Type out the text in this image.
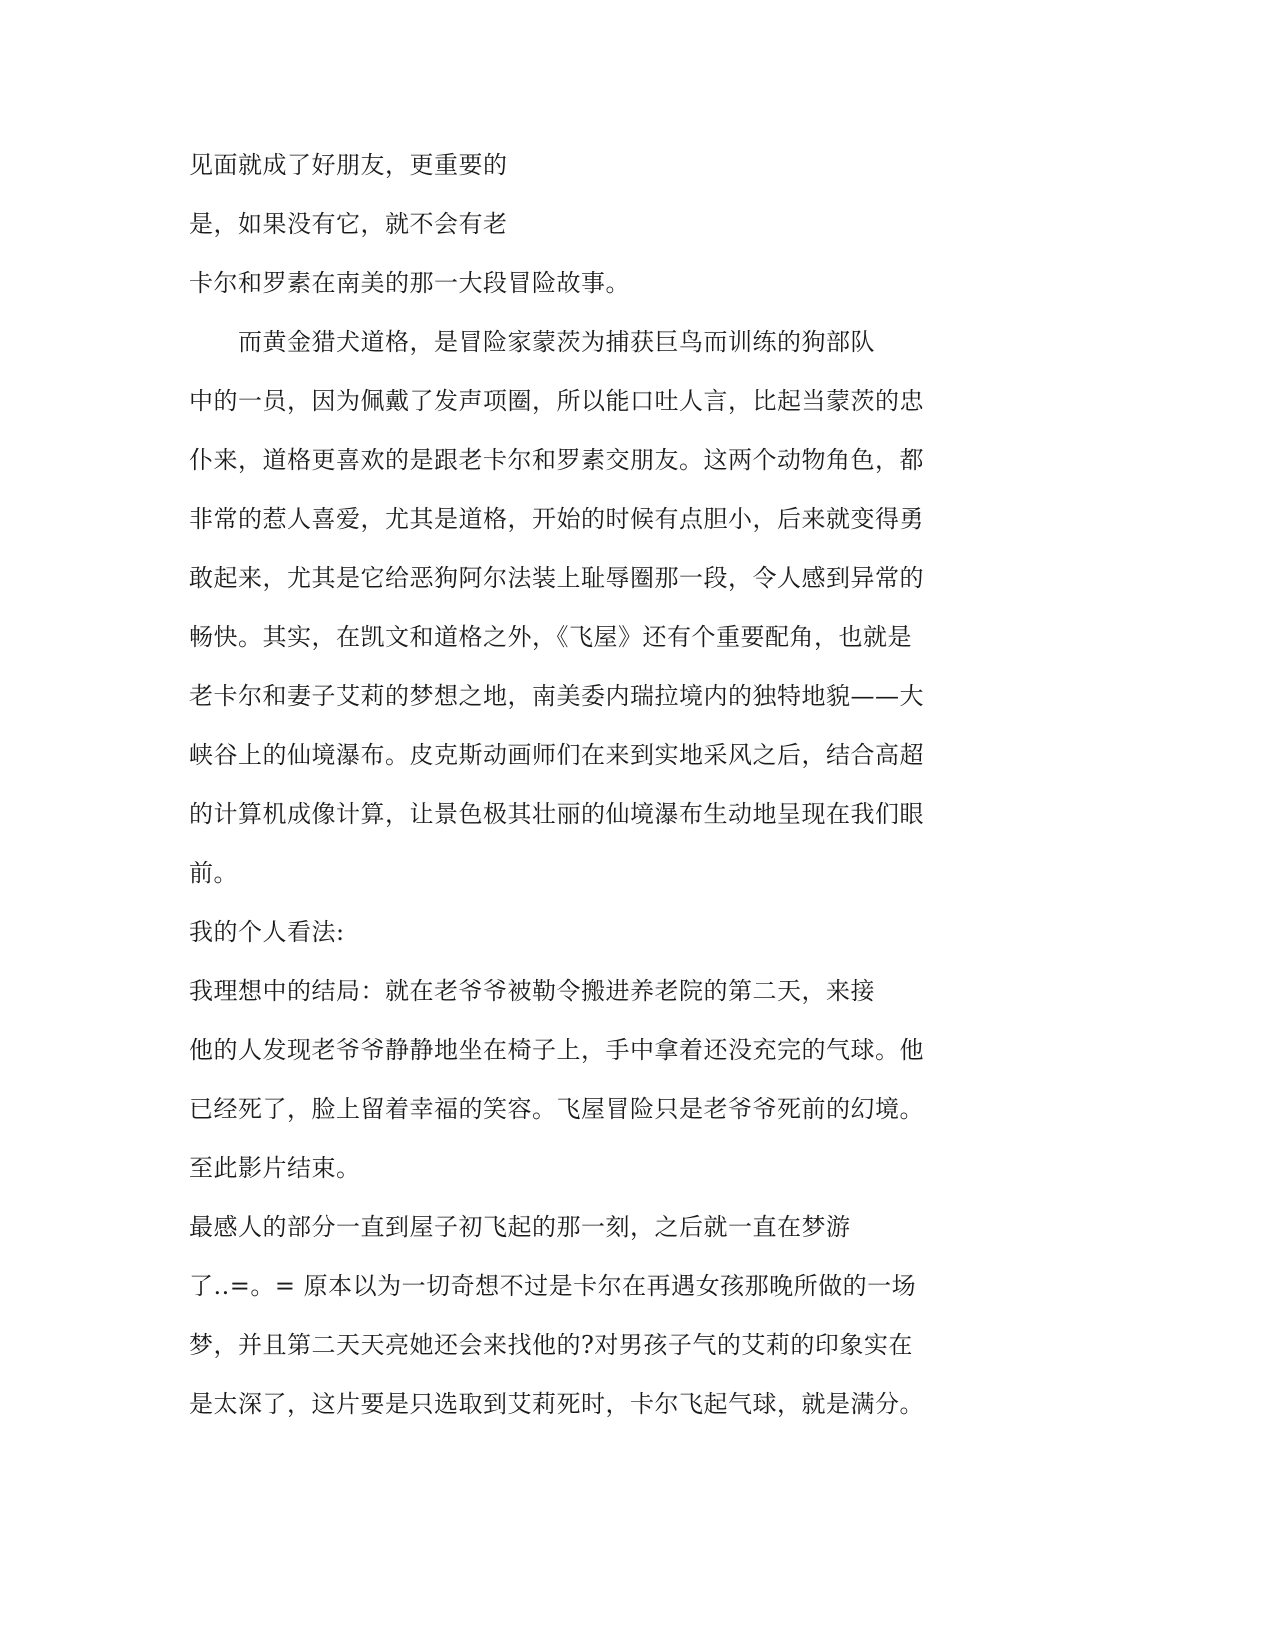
见面就成了好朋友，更重要的
是，如果没有它，就不会有老
卡尔和罗素在南美的那一大段冒险故事。
而黄金猎犬道格，是冒险家蒙茨为捕获巨鸟而训练的狗部队
中的一员，因为佩戴了发声项圈，所以能口吐人言，比起当蒙茨的忠
仆来，道格更喜欢的是跟老卡尔和罗素交朋友。这两个动物角色，都
非常的惹人喜爱，尤其是道格，开始的时候有点胆小，后来就变得勇
敢起来，尤其是它给恶狗阿尔法装上耻辱圈那一段，令人感到异常的
畅快。其实，在凯文和道格之外，《飞屋》还有个重要配角，也就是
老卡尔和妻子艾莉的梦想之地，南美委内瑞拉境内的独特地貌——大
峡谷上的仙境瀑布。皮克斯动画师们在来到实地采风之后，结合高超
的计算机成像计算，让景色极其壮丽的仙境瀑布生动地呈现在我们眼
前。
我的个人看法:
我理想中的结局：就在老爷爷被勒令搬进养老院的第二天，来接
他的人发现老爷爷静静地坐在椅子上，手中拿着还没充完的气球。他
已经死了，脸上留着幸福的笑容。飞屋冒险只是老爷爷死前的幻境。
至此影片结束。
最感人的部分一直到屋子初飞起的那一刻，之后就一直在梦游
了..=。= 原本以为一切奇想不过是卡尔在再遇女孩那晚所做的一场
梦，并且第二天天亮她还会来找他的?对男孩子气的艾莉的印象实在
是太深了，这片要是只选取到艾莉死时，卡尔飞起气球，就是满分。
